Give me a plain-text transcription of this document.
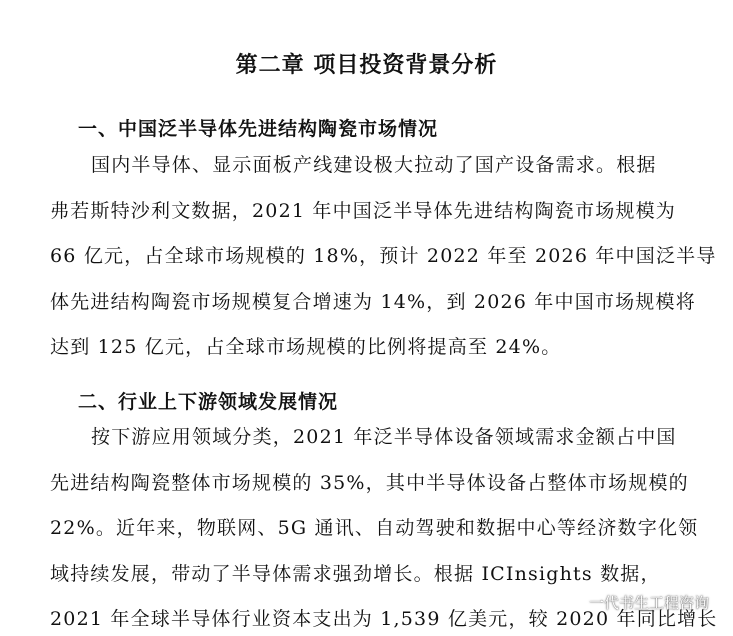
第二章 项目投资背景分析
一、中国泛半导体先进结构陶瓷市场情况
国内半导体、显示面板产线建设极大拉动了国产设备需求。根据
弗若斯特沙利文数据，2021 年中国泛半导体先进结构陶瓷市场规模为
66 亿元，占全球市场规模的 18%，预计 2022 年至 2026 年中国泛半导
体先进结构陶瓷市场规模复合增速为 14%，到 2026 年中国市场规模将
达到 125 亿元，占全球市场规模的比例将提高至 24%。
二、行业上下游领域发展情况
按下游应用领域分类，2021 年泛半导体设备领域需求金额占中国
先进结构陶瓷整体市场规模的 35%，其中半导体设备占整体市场规模的
22%。近年来，物联网、5G 通讯、自动驾驶和数据中心等经济数字化领
域持续发展，带动了半导体需求强劲增长。根据 ICInsights 数据，
2021 年全球半导体行业资本支出为 1,539 亿美元，较 2020 年同比增长
一代书生工程咨询
